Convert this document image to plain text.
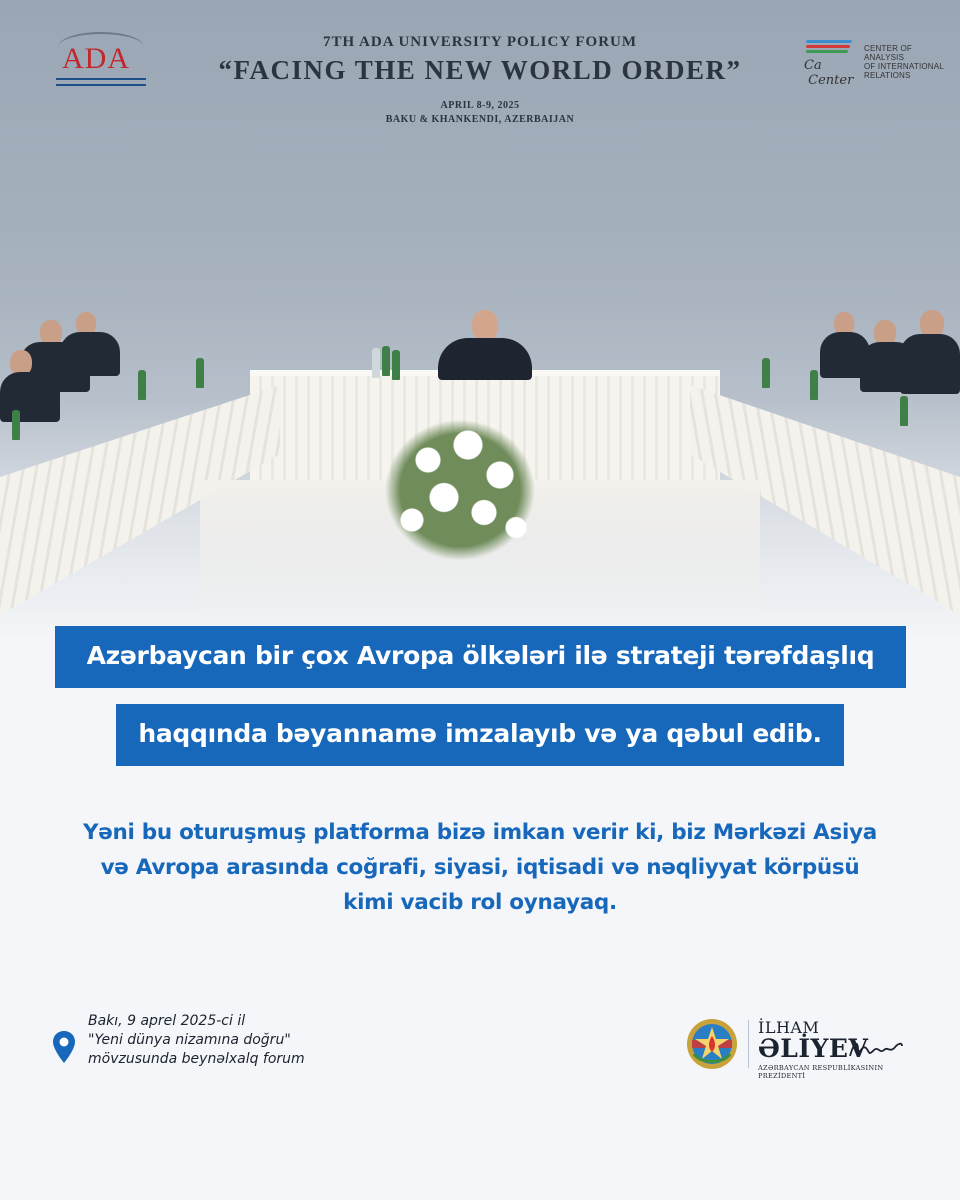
ADA	7TH ADA UNIVERSITY POLICY FORUM
“FACING THE NEW WORLD ORDER”
APRIL 8-9, 2025
BAKU & KHANKENDI, AZERBAIJAN
Ca
Center
CENTER OF ANALYSIS
OF INTERNATIONAL
RELATIONS
Azərbaycan bir çox Avropa ölkələri ilə strateji tərəfdaşlıq
haqqında bəyannamə imzalayıb və ya qəbul edib.
Yəni bu oturuşmuş platforma bizə imkan verir ki, biz Mərkəzi Asiya
və Avropa arasında coğrafi, siyasi, iqtisadi və nəqliyyat körpüsü
kimi vacib rol oynayaq.
Bakı, 9 aprel 2025-ci il
"Yeni dünya nizamına doğru"
mövzusunda beynəlxalq forum
İLHAM
ƏLİYEV
AZƏRBAYCAN RESPUBLİKASININ PREZİDENTİ
